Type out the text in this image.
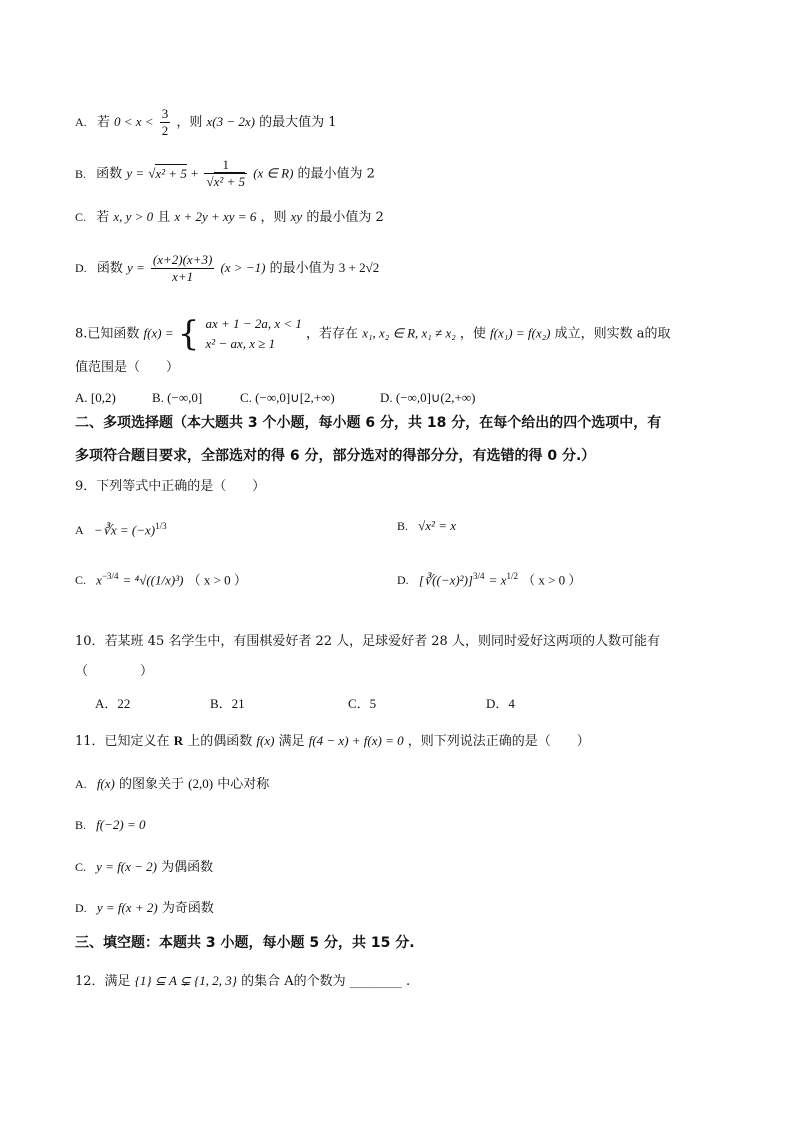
A. 若 $0 < x < \frac{3}{2}$ ，则 x(3 − 2x) 的最大值为 1
B. 函数 $y = √x^2 + 5 + \frac{1}{\text{√x² + 5}} (x$ ∈ R) 的最小值为 2
C. 若 x, y > 0 且 x + 2y + xy = 6 ，则 xy 的最小值为 2
D. 函数 $y = \frac{(x+2)(x+3)}{x+1} (x > -1)$ 的最小值为 3 + 2√2
8.已知函数 f(x) = { ax + 1 − 2a, x < 1
x² − ax, x ≥ 1
，若存在 x₁, x₂ ∈ R, x₁ ≠ x₂ ，使 f(x₁) = f(x₂) 成立，则实数 a的取
值范围是（　　）
A. [0,2)	B. (−∞,0]	C. (−∞,0]∪[2,+∞)	D. (−∞,0]∪(2,+∞)
二、多项选择题（本大题共 3 个小题，每小题 6 分，共 18 分，在每个给出的四个选项中，有
多项符合题目要求，全部选对的得 6 分，部分选对的得部分分，有选错的得 0 分.）
9．下列等式中正确的是（　　）
A −∛x = $(-x)^{1/3}$	B. √x² = x
C. $x^{-3/4} = ^4√((1/x)^3)$ （ x > 0 ）	D. [∛((−x)²)]$^{3/4}$ = $x^{1/2}$ （ x > 0 ）
10．若某班 45 名学生中，有围棋爱好者 22 人，足球爱好者 28 人，则同时爱好这两项的人数可能有
（　　　　）
A．22	B．21	C．5	D．4
11．已知定义在 R 上的偶函数 f(x) 满足 f(4 − x) + f(x) = 0 ，则下列说法正确的是（　　）
A. f(x) 的图象关于 (2,0) 中心对称
B. f(−2) = 0
C. y = f(x − 2) 为偶函数
D. y = f(x + 2) 为奇函数
三、填空题：本题共 3 小题，每小题 5 分，共 15 分.
12．满足 {1} ⊆ A ⊊ {1, 2, 3} 的集合 A的个数为 ________ .
